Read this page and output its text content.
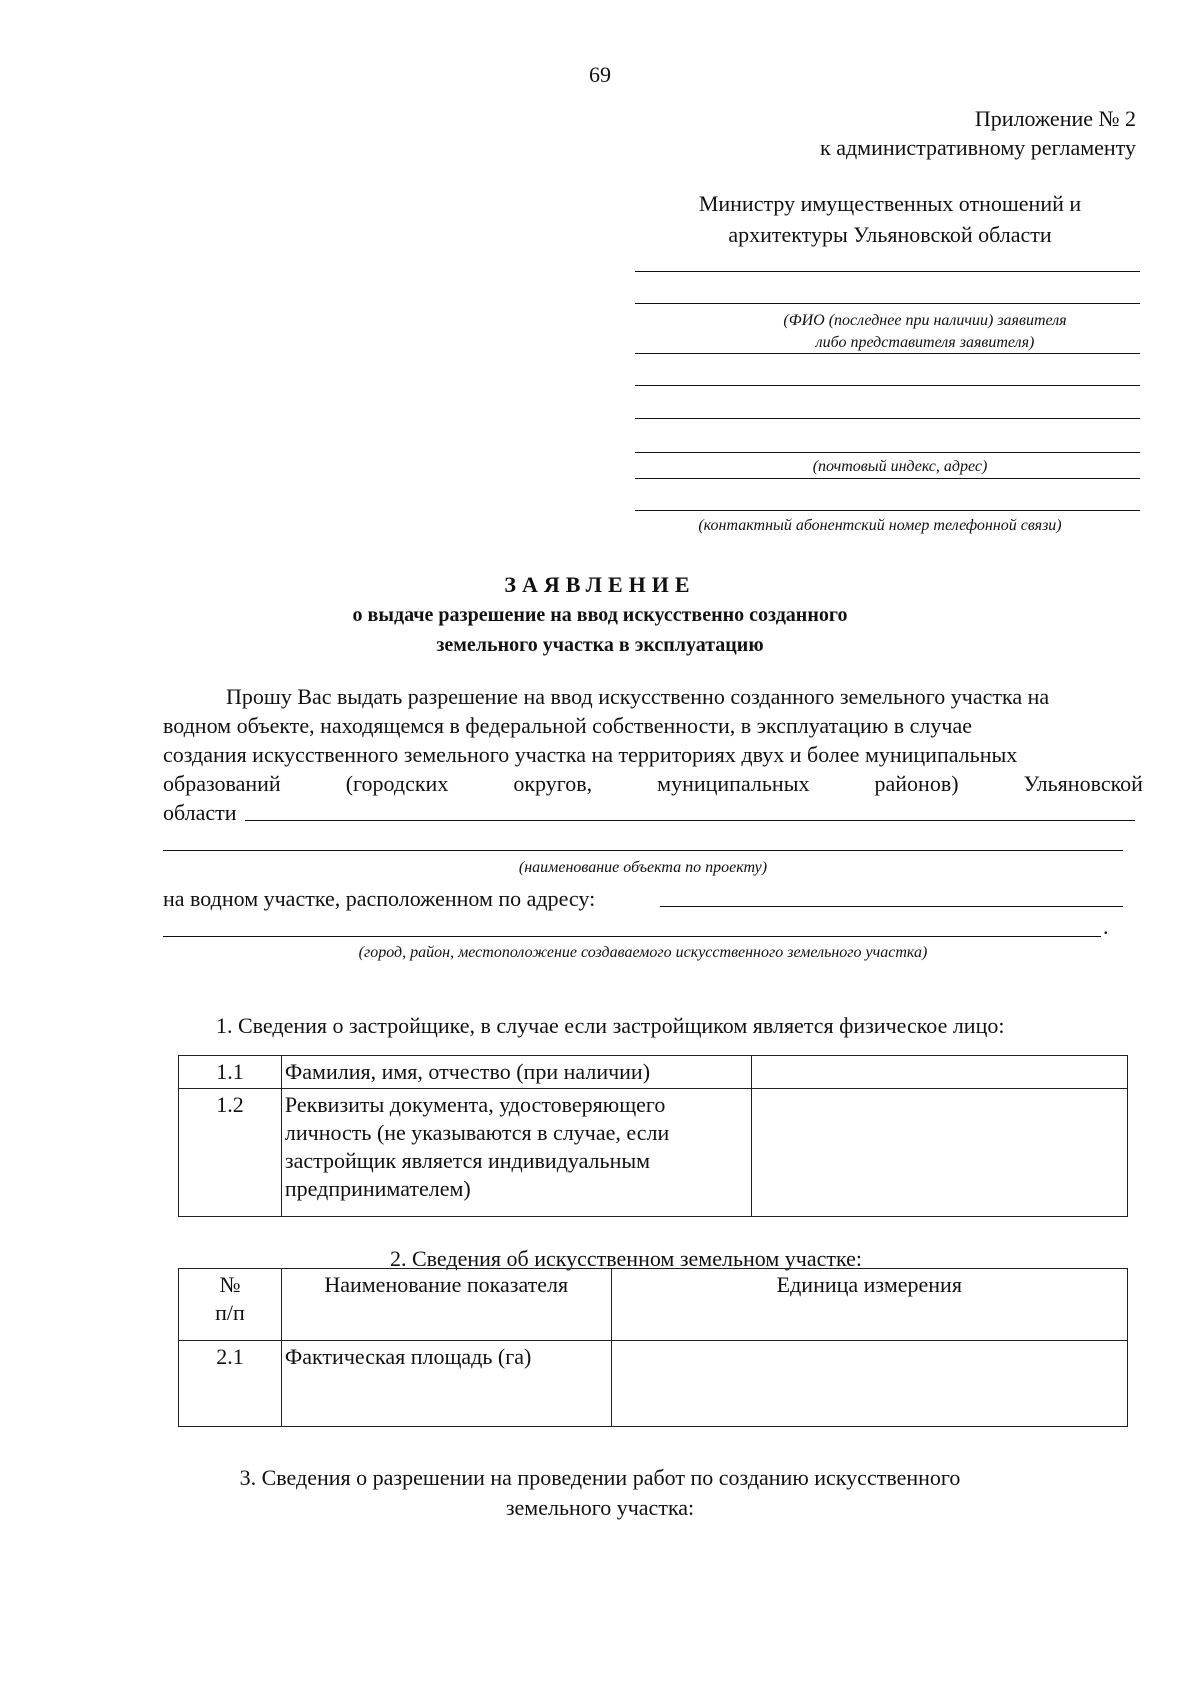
69
Приложение № 2
к административному регламенту
Министру имущественных отношений и
архитектуры Ульяновской области
(ФИО (последнее при наличии) заявителя
либо представителя заявителя)
(почтовый индекс, адрес)
(контактный абонентский номер телефонной связи)
ЗАЯВЛЕНИЕ
о выдаче разрешение на ввод искусственно созданного
земельного участка в эксплуатацию
Прошу Вас выдать разрешение на ввод искусственно созданного земельного участка на
водном объекте, находящемся в федеральной собственности, в эксплуатацию в случае
создания искусственного земельного участка на территориях двух и более муниципальных
образований	(городских	округов,	муниципальных	районов)	Ульяновской
области
(наименование объекта по проекту)
на водном участке, расположенном по адресу:
.
(город, район, местоположение создаваемого искусственного земельного участка)
1. Сведения о застройщике, в случае если застройщиком является физическое лицо:
1.1	Фамилия, имя, отчество (при наличии)	
1.2	Реквизиты документа, удостоверяющего
личность (не указываются в случае, если
застройщик является индивидуальным
предпринимателем)	

2. Сведения об искусственном земельном участке:
№
п/п	Наименование показателя	Единица измерения
2.1	Фактическая площадь (га)	
3. Сведения о разрешении на проведении работ по созданию искусственного
земельного участка:
